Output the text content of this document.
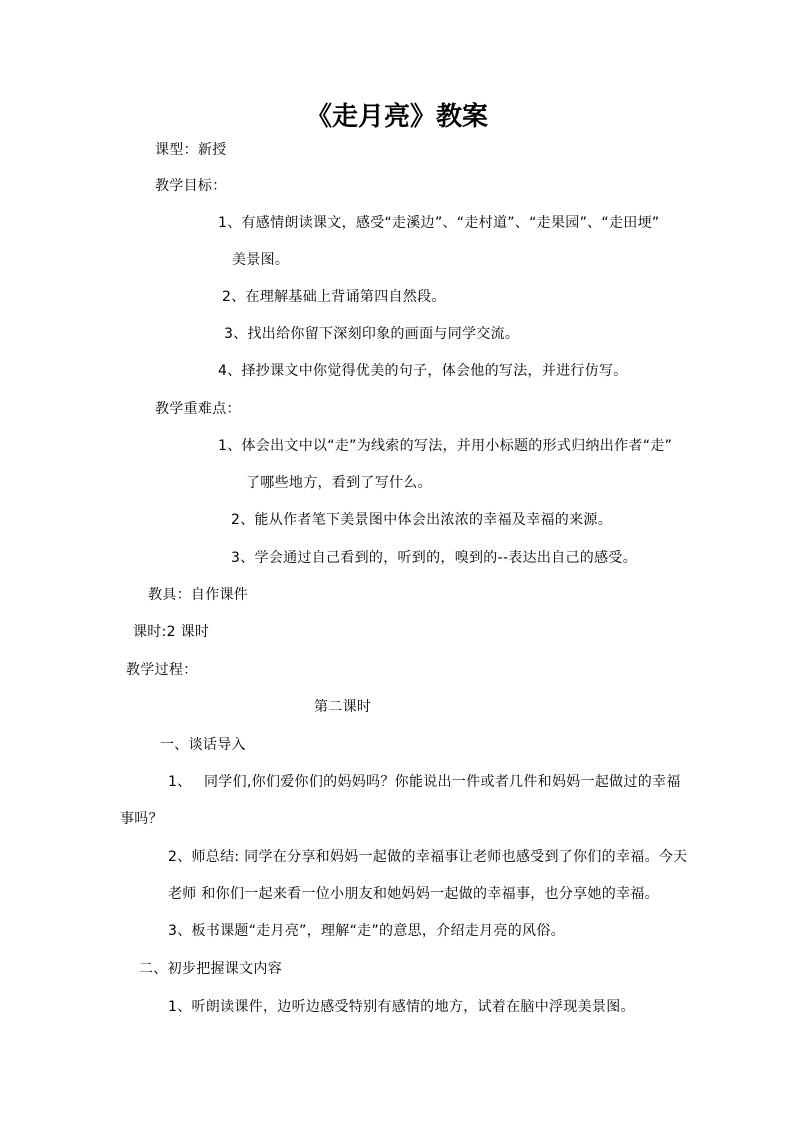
《走月亮》教案
课型：新授
教学目标：
1、有感情朗读课文，感受“走溪边”、“走村道”、“走果园”、“走田埂”
美景图。
2、在理解基础上背诵第四自然段。
3、找出给你留下深刻印象的画面与同学交流。
4、择抄课文中你觉得优美的句子，体会他的写法，并进行仿写。
教学重难点：
1、体会出文中以“走”为线索的写法，并用小标题的形式归纳出作者“走”
了哪些地方，看到了写什么。
2、能从作者笔下美景图中体会出浓浓的幸福及幸福的来源。
3、学会通过自己看到的，听到的，嗅到的--表达出自己的感受。
教具：自作课件
课时:2 课时
教学过程：
第二课时
一、谈话导入
1、 同学们,你们爱你们的妈妈吗？你能说出一件或者几件和妈妈一起做过的幸福
事吗？
2、师总结: 同学在分享和妈妈一起做的幸福事让老师也感受到了你们的幸福。今天
老师 和你们一起来看一位小朋友和她妈妈一起做的幸福事，也分享她的幸福。
3、板书课题“走月亮”，理解“走”的意思，介绍走月亮的风俗。
二、初步把握课文内容
1、听朗读课件，边听边感受特别有感情的地方，试着在脑中浮现美景图。
